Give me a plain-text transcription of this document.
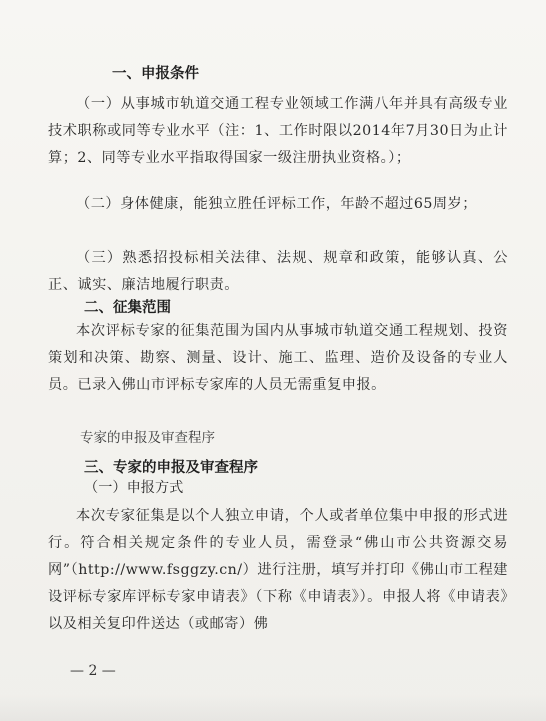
一、申报条件
（一）从事城市轨道交通工程专业领域工作满八年并具有高级专业技术职称或同等专业水平（注：1、工作时限以2014年7月30日为止计算；2、同等专业水平指取得国家一级注册执业资格。）；
（二）身体健康，能独立胜任评标工作，年龄不超过65周岁；
（三）熟悉招投标相关法律、法规、规章和政策，能够认真、公正、诚实、廉洁地履行职责。
二、征集范围
本次评标专家的征集范围为国内从事城市轨道交通工程规划、投资策划和决策、勘察、测量、设计、施工、监理、造价及设备的专业人员。已录入佛山市评标专家库的人员无需重复申报。
专家的申报及审查程序
三、专家的申报及审查程序
（一）申报方式
本次专家征集是以个人独立申请，个人或者单位集中申报的形式进行。符合相关规定条件的专业人员，需登录“佛山市公共资源交易网”（http://www.fsggzy.cn/）进行注册，填写并打印《佛山市工程建设评标专家库评标专家申请表》（下称《申请表》）。申报人将《申请表》以及相关复印件送达（或邮寄）佛
— 2 —
